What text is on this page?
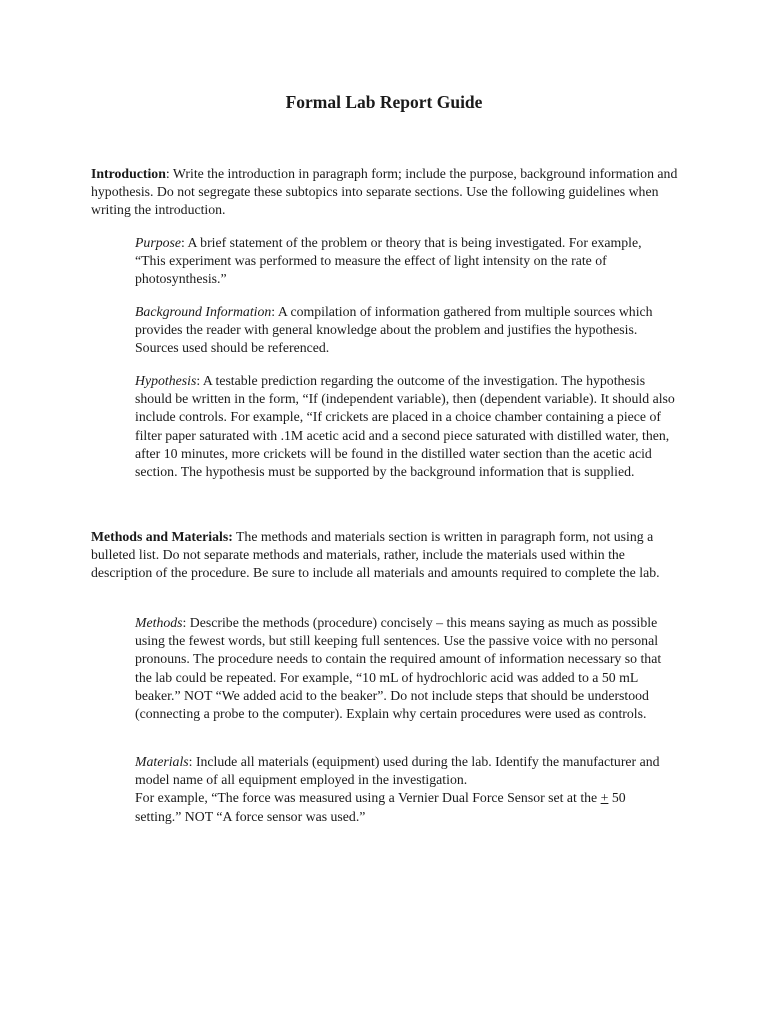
Formal Lab Report Guide

Introduction: Write the introduction in paragraph form; include the purpose, background information and hypothesis. Do not segregate these subtopics into separate sections. Use the following guidelines when writing the introduction.

Purpose: A brief statement of the problem or theory that is being investigated. For example, “This experiment was performed to measure the effect of light intensity on the rate of photosynthesis.”

Background Information: A compilation of information gathered from multiple sources which provides the reader with general knowledge about the problem and justifies the hypothesis. Sources used should be referenced.

Hypothesis: A testable prediction regarding the outcome of the investigation. The hypothesis should be written in the form, “If (independent variable), then (dependent variable). It should also include controls. For example, “If crickets are placed in a choice chamber containing a piece of filter paper saturated with .1M acetic acid and a second piece saturated with distilled water, then, after 10 minutes, more crickets will be found in the distilled water section than the acetic acid section. The hypothesis must be supported by the background information that is supplied.

Methods and Materials: The methods and materials section is written in paragraph form, not using a bulleted list. Do not separate methods and materials, rather, include the materials used within the description of the procedure. Be sure to include all materials and amounts required to complete the lab.

Methods: Describe the methods (procedure) concisely – this means saying as much as possible using the fewest words, but still keeping full sentences. Use the passive voice with no personal pronouns. The procedure needs to contain the required amount of information necessary so that the lab could be repeated. For example, “10 mL of hydrochloric acid was added to a 50 mL beaker.” NOT “We added acid to the beaker”. Do not include steps that should be understood (connecting a probe to the computer). Explain why certain procedures were used as controls.

Materials: Include all materials (equipment) used during the lab. Identify the manufacturer and model name of all equipment employed in the investigation.
For example, “The force was measured using a Vernier Dual Force Sensor set at the + 50 setting.” NOT “A force sensor was used.”
